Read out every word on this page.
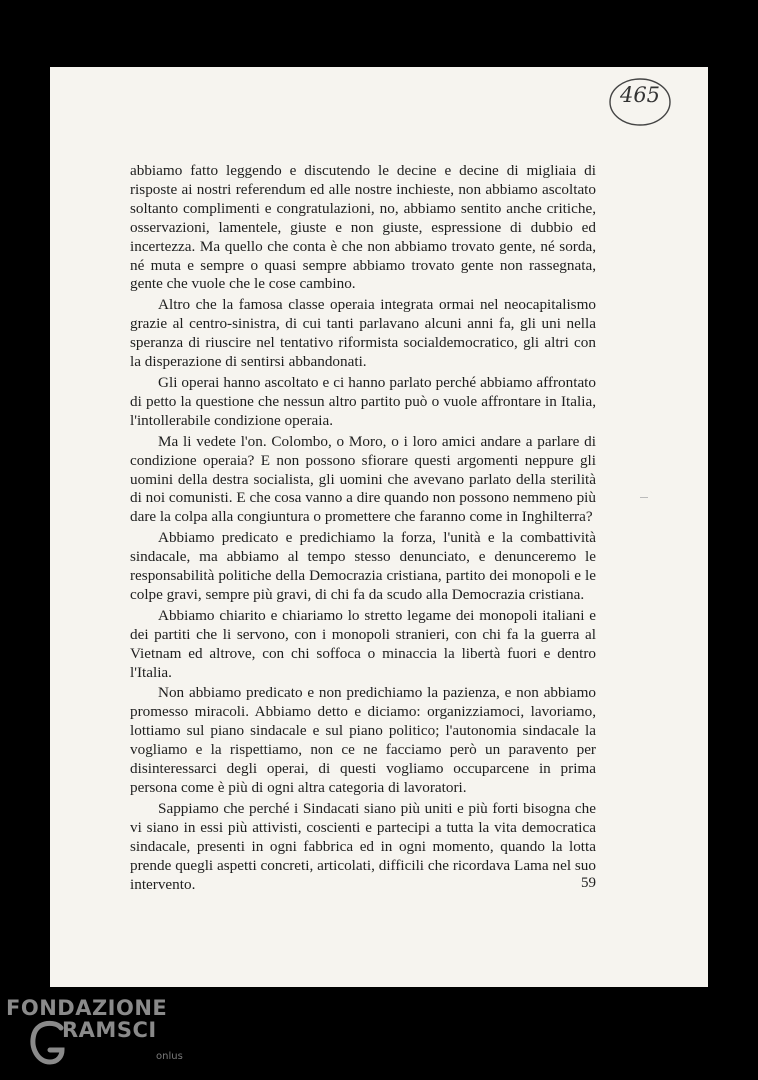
465

abbiamo fatto leggendo e discutendo le decine e decine di migliaia di risposte ai nostri referendum ed alle nostre inchieste, non abbiamo ascoltato soltanto complimenti e congratulazioni, no, abbiamo sentito anche critiche, osservazioni, lamentele, giuste e non giuste, espressione di dubbio ed incertezza. Ma quello che conta è che non abbiamo trovato gente, né sorda, né muta e sempre o quasi sempre abbiamo trovato gente non rassegnata, gente che vuole che le cose cambino.

Altro che la famosa classe operaia integrata ormai nel neocapitalismo grazie al centro-sinistra, di cui tanti parlavano alcuni anni fa, gli uni nella speranza di riuscire nel tentativo riformista socialdemocratico, gli altri con la disperazione di sentirsi abbandonati.

Gli operai hanno ascoltato e ci hanno parlato perché abbiamo affrontato di petto la questione che nessun altro partito può o vuole affrontare in Italia, l'intollerabile condizione operaia.

Ma li vedete l'on. Colombo, o Moro, o i loro amici andare a parlare di condizione operaia? E non possono sfiorare questi argomenti neppure gli uomini della destra socialista, gli uomini che avevano parlato della sterilità di noi comunisti. E che cosa vanno a dire quando non possono nemmeno più dare la colpa alla congiuntura o promettere che faranno come in Inghilterra?

Abbiamo predicato e predichiamo la forza, l'unità e la combattività sindacale, ma abbiamo al tempo stesso denunciato, e denunceremo le responsabilità politiche della Democrazia cristiana, partito dei monopoli e le colpe gravi, sempre più gravi, di chi fa da scudo alla Democrazia cristiana.

Abbiamo chiarito e chiariamo lo stretto legame dei monopoli italiani e dei partiti che li servono, con i monopoli stranieri, con chi fa la guerra al Vietnam ed altrove, con chi soffoca o minaccia la libertà fuori e dentro l'Italia.

Non abbiamo predicato e non predichiamo la pazienza, e non abbiamo promesso miracoli. Abbiamo detto e diciamo: organizziamoci, lavoriamo, lottiamo sul piano sindacale e sul piano politico; l'autonomia sindacale la vogliamo e la rispettiamo, non ce ne facciamo però un paravento per disinteressarci degli operai, di questi vogliamo occuparcene in prima persona come è più di ogni altra categoria di lavoratori.

Sappiamo che perché i Sindacati siano più uniti e più forti bisogna che vi siano in essi più attivisti, coscienti e partecipi a tutta la vita democratica sindacale, presenti in ogni fabbrica ed in ogni momento, quando la lotta prende quegli aspetti concreti, articolati, difficili che ricordava Lama nel suo intervento.	59
FONDAZIONE
RAMSCI
onlus
